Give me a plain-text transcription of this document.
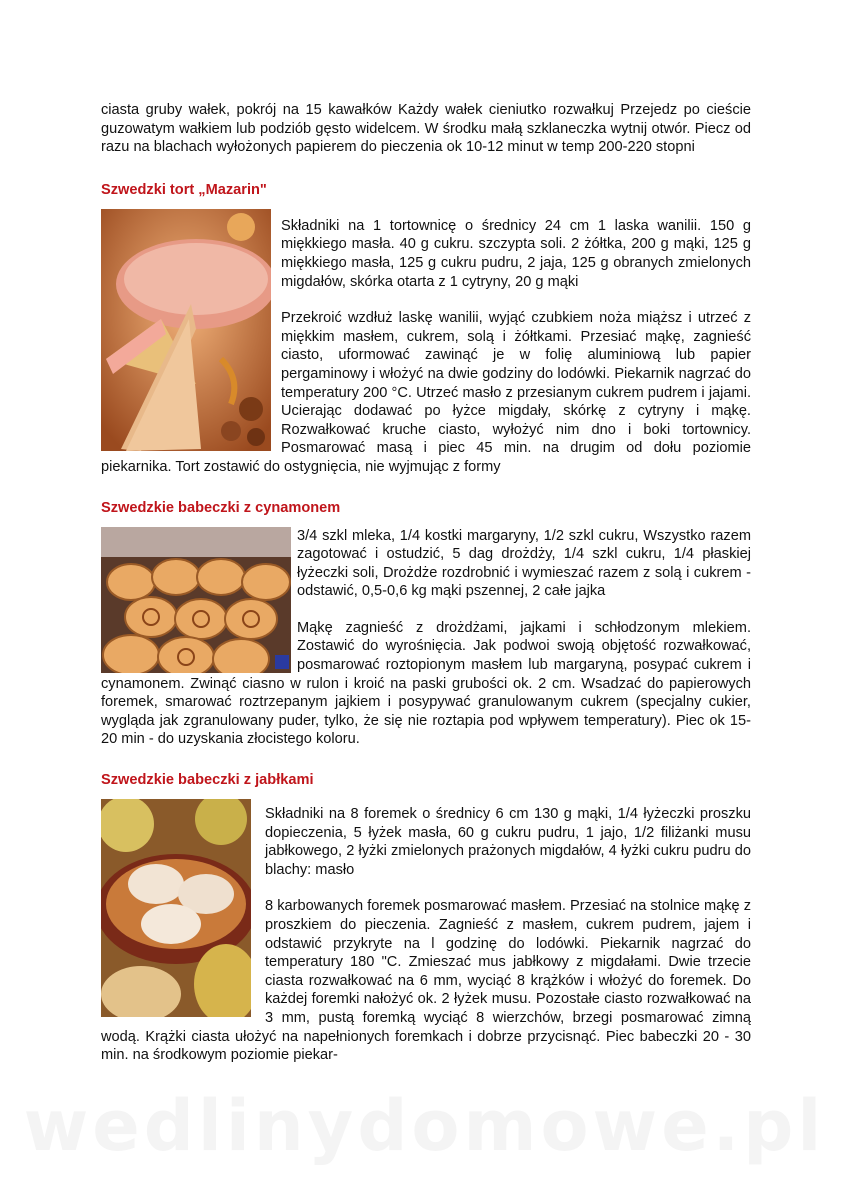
ciasta gruby wałek, pokrój na 15 kawałków Każdy wałek cieniutko rozwałkuj Przejedz po cieście guzowatym wałkiem lub podziób gęsto widelcem. W środku małą szklaneczka wytnij otwór. Piecz od razu na blachach wyłożonych papierem do pieczenia ok 10-12 minut w temp 200-220 stopni

Szwedzki tort „Mazarin"

Składniki na 1 tortownicę o średnicy 24 cm 1 laska wanilii. 150 g miękkiego masła. 40 g cukru. szczypta soli. 2 żółtka, 200 g mąki, 125 g miękkiego masła, 125 g cukru pudru, 2 jaja, 125 g obranych zmielonych migdałów, skórka otarta z 1 cytryny, 20 g mąki

Przekroić wzdłuż laskę wanilii, wyjąć czubkiem noża miąższ i utrzeć z miękkim masłem, cukrem, solą i żółtkami. Przesiać mąkę, zagnieść ciasto, uformować zawinąć je w folię aluminiową lub papier pergaminowy i włożyć na dwie godziny do lodówki. Piekarnik nagrzać do temperatury 200 °C. Utrzeć masło z przesianym cukrem pudrem i jajami. Ucierając dodawać po łyżce migdały, skórkę z cytryny i mąkę. Rozwałkować kruche ciasto, wyłożyć nim dno i boki tortownicy. Posmarować masą i piec 45 min. na drugim od dołu poziomie piekarnika. Tort zostawić do ostygnięcia, nie wyjmując z formy

Szwedzkie babeczki z cynamonem

3/4 szkl mleka, 1/4 kostki margaryny, 1/2 szkl cukru, Wszystko razem zagotować i ostudzić, 5 dag drożdży, 1/4 szkl cukru, 1/4 płaskiej łyżeczki soli, Drożdże rozdrobnić i wymieszać razem z solą i cukrem - odstawić, 0,5-0,6 kg mąki pszennej, 2 całe jajka

Mąkę zagnieść z drożdżami, jajkami i schłodzonym mlekiem. Zostawić do wyrośnięcia. Jak podwoi swoją objętość rozwałkować, posmarować roztopionym masłem lub margaryną, posypać cukrem i cynamonem. Zwinąć ciasno w rulon i kroić na paski grubości ok. 2 cm. Wsadzać do papierowych foremek, smarować roztrzepanym jajkiem i posypywać granulowanym cukrem (specjalny cukier, wygląda jak zgranulowany puder, tylko, że się nie roztapia pod wpływem temperatury). Piec ok 15-20 min - do uzyskania złocistego koloru.

Szwedzkie babeczki z jabłkami

Składniki na 8 foremek o średnicy 6 cm 130 g mąki, 1/4 łyżeczki proszku dopieczenia, 5 łyżek masła, 60 g cukru pudru, 1 jajo, 1/2 filiżanki musu jabłkowego, 2 łyżki zmielonych prażonych migdałów, 4 łyżki cukru pudru do blachy: masło

8 karbowanych foremek posmarować masłem. Przesiać na stolnice mąkę z proszkiem do pieczenia. Zagnieść z masłem, cukrem pudrem, jajem i odstawić przykryte na l godzinę do lodówki. Piekarnik nagrzać do temperatury 180 "C. Zmieszać mus jabłkowy z migdałami. Dwie trzecie ciasta rozwałkować na 6 mm, wyciąć 8 krążków i włożyć do foremek. Do każdej foremki nałożyć ok. 2 łyżek musu. Pozostałe ciasto rozwałkować na 3 mm, pustą foremką wyciąć 8 wierzchów, brzegi posmarować zimną wodą. Krążki ciasta ułożyć na napełnionych foremkach i dobrze przycisnąć. Piec babeczki 20 - 30 min. na środkowym poziomie piekar-

wedlinydomowe.pl
